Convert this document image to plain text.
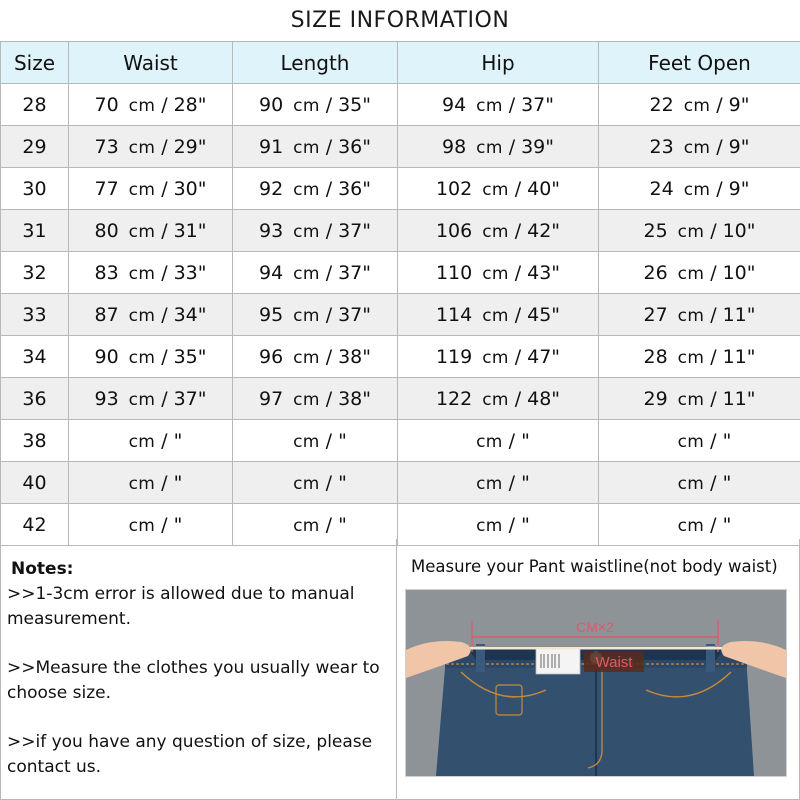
SIZE INFORMATION
Size	Waist	Length	Hip	Feet Open
28	70 cm / 28"	90 cm / 35"	94 cm / 37"	22 cm / 9"
29	73 cm / 29"	91 cm / 36"	98 cm / 39"	23 cm / 9"
30	77 cm / 30"	92 cm / 36"	102 cm / 40"	24 cm / 9"
31	80 cm / 31"	93 cm / 37"	106 cm / 42"	25 cm / 10"
32	83 cm / 33"	94 cm / 37"	110 cm / 43"	26 cm / 10"
33	87 cm / 34"	95 cm / 37"	114 cm / 45"	27 cm / 11"
34	90 cm / 35"	96 cm / 38"	119 cm / 47"	28 cm / 11"
36	93 cm / 37"	97 cm / 38"	122 cm / 48"	29 cm / 11"
38	cm / "	cm / "	cm / "	cm / "
40	cm / "	cm / "	cm / "	cm / "
42	cm / "	cm / "	cm / "	cm / "
Notes:

>>1-3cm error is allowed due to manual measurement.

>>Measure the clothes you usually wear to choose size.

>>if you have any question of size, please contact us.

Measure your Pant waistline(not body waist)
Waist
CM×2
